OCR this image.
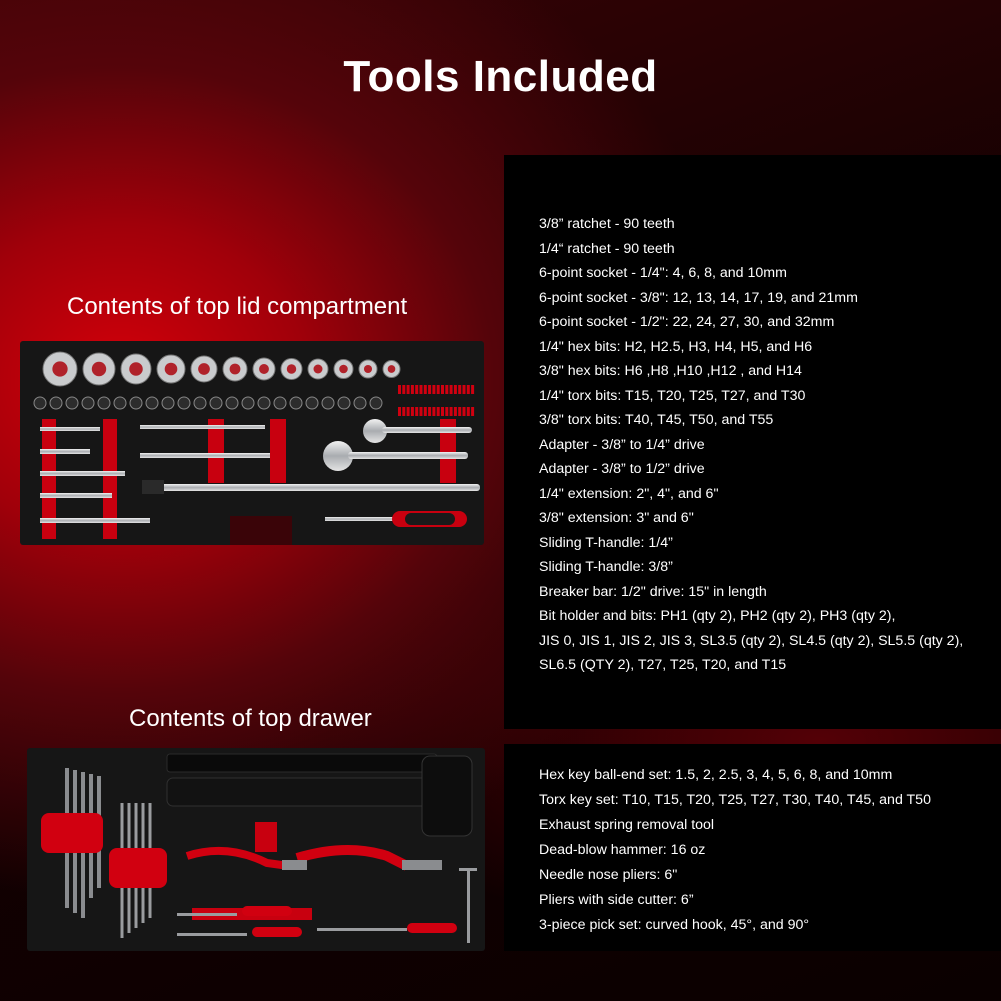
Tools Included
Contents of top lid compartment
Contents of top drawer
3/8” ratchet - 90 teeth
1/4“ ratchet - 90 teeth
6-point socket - 1/4": 4, 6, 8, and 10mm
6-point socket - 3/8": 12, 13, 14, 17, 19, and 21mm
6-point socket - 1/2": 22, 24, 27, 30, and 32mm
1/4" hex bits: H2, H2.5, H3, H4, H5, and H6
3/8" hex bits: H6 ,H8 ,H10 ,H12 , and H14
1/4" torx bits: T15, T20, T25, T27, and T30
3/8" torx bits: T40, T45, T50, and T55
Adapter - 3/8” to 1/4” drive
Adapter - 3/8” to 1/2” drive
1/4" extension: 2", 4", and 6"
3/8" extension: 3" and 6"
Sliding T-handle: 1/4”
Sliding T-handle: 3/8”
Breaker bar: 1/2" drive: 15" in length
Bit holder and bits: PH1 (qty 2), PH2 (qty 2), PH3 (qty 2),
JIS 0, JIS 1, JIS 2, JIS 3, SL3.5 (qty 2), SL4.5 (qty 2), SL5.5 (qty 2),
SL6.5 (QTY 2), T27, T25, T20, and T15
Hex key ball-end set: 1.5, 2, 2.5, 3, 4, 5, 6, 8, and 10mm
Torx key set: T10, T15, T20, T25, T27, T30, T40, T45, and T50
Exhaust spring removal tool
Dead-blow hammer: 16 oz
Needle nose pliers: 6"
Pliers with side cutter: 6”
3-piece pick set: curved hook, 45°, and 90°
